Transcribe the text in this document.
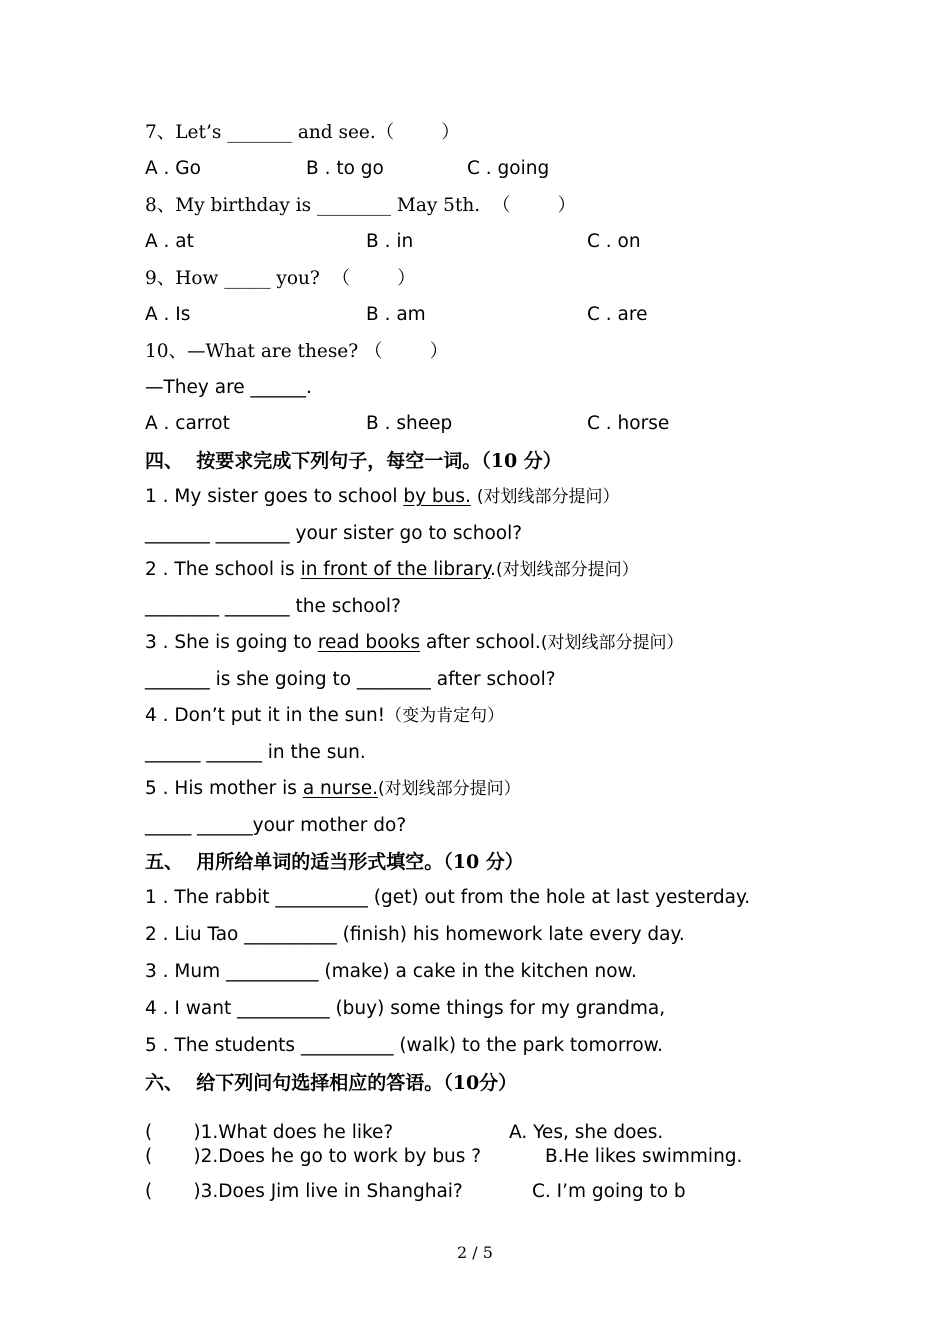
7、Let’s _______ and see.（        ）
A . Go	B . to go	C . going
8、My birthday is ________ May 5th.  （        ）
A . at	B . in	C . on
9、How _____ you?  （        ）
A . Is	B . am	C . are
10、—What are these? （        ）
—They are ______.
A . carrot	B . sheep	C . horse
四、  按要求完成下列句子，每空一词。（10 分）
1 . My sister goes to school by bus. (对划线部分提问）
_______ ________ your sister go to school?
2 . The school is in front of the library.(对划线部分提问）
________ _______ the school?
3 . She is going to read books after school.(对划线部分提问）
_______ is she going to ________ after school?
4 . Don’t put it in the sun!（变为肯定句）
______ ______ in the sun.
5 . His mother is a nurse.(对划线部分提问）
_____ ______your mother do?
五、  用所给单词的适当形式填空。（10 分）
1 . The rabbit __________ (get) out from the hole at last yesterday.
2 . Liu Tao __________ (finish) his homework late every day.
3 . Mum __________ (make) a cake in the kitchen now.
4 . I want __________ (buy) some things for my grandma,
5 . The students __________ (walk) to the park tomorrow.
六、  给下列问句选择相应的答语。（10分）
(       )1.What does he like?	A. Yes, she does.
(       )2.Does he go to work by bus ?	B.He likes swimming.
(       )3.Does Jim live in Shanghai?	C. I’m going to b
2 / 5
